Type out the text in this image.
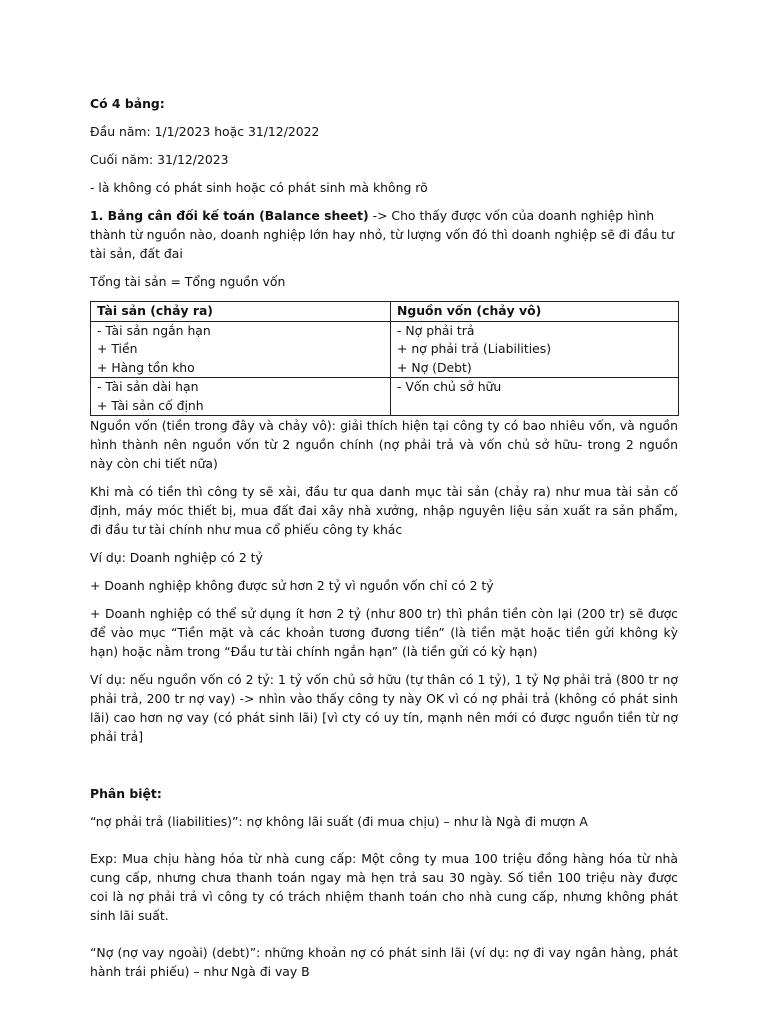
Có 4 bảng:

Đầu năm: 1/1/2023 hoặc 31/12/2022

Cuối năm: 31/12/2023

- là không có phát sinh hoặc có phát sinh mà không rõ

1. Bảng cân đối kế toán (Balance sheet) -> Cho thấy được vốn của doanh nghiệp hình thành từ nguồn nào, doanh nghiệp lớn hay nhỏ, từ lượng vốn đó thì doanh nghiệp sẽ đi đầu tư tài sản, đất đai

Tổng tài sản = Tổng nguồn vốn

Tài sản (chảy ra)	Nguồn vốn (chảy vô)

- Tài sản ngắn hạn
+ Tiền
+ Hàng tồn kho	- Nợ phải trả
+ nợ phải trả (Liabilities)
+ Nợ (Debt)

- Tài sản dài hạn
+ Tài sản cố định	- Vốn chủ sở hữu

Nguồn vốn (tiền trong đây và chảy vô): giải thích hiện tại công ty có bao nhiêu vốn, và nguồn hình thành nên nguồn vốn từ 2 nguồn chính (nợ phải trả và vốn chủ sở hữu- trong 2 nguồn này còn chi tiết nữa)

Khi mà có tiền thì công ty sẽ xài, đầu tư qua danh mục tài sản (chảy ra) như mua tài sản cố định, máy móc thiết bị, mua đất đai xây nhà xưởng, nhập nguyên liệu sản xuất ra sản phẩm, đi đầu tư tài chính như mua cổ phiếu công ty khác

Ví dụ: Doanh nghiệp có 2 tỷ

+ Doanh nghiệp không được sử hơn 2 tỷ vì nguồn vốn chỉ có 2 tỷ

+ Doanh nghiệp có thể sử dụng ít hơn 2 tỷ (như 800 tr) thì phần tiền còn lại (200 tr) sẽ được để vào mục “Tiền mặt và các khoản tương đương tiền” (là tiền mặt hoặc tiền gửi không kỳ hạn) hoặc nằm trong “Đầu tư tài chính ngắn hạn” (là tiền gửi có kỳ hạn)

Ví dụ: nếu nguồn vốn có 2 tỷ: 1 tỷ vốn chủ sở hữu (tự thân có 1 tỷ), 1 tỷ Nợ phải trả (800 tr nợ phải trả, 200 tr nợ vay) -> nhìn vào thấy công ty này OK vì có nợ phải trả (không có phát sinh lãi) cao hơn nợ vay (có phát sinh lãi) [vì cty có uy tín, mạnh nên mới có được nguồn tiền từ nợ phải trả]

Phân biệt:

“nợ phải trả (liabilities)”: nợ không lãi suất (đi mua chịu) – như là Ngà đi mượn A

Exp: Mua chịu hàng hóa từ nhà cung cấp: Một công ty mua 100 triệu đồng hàng hóa từ nhà cung cấp, nhưng chưa thanh toán ngay mà hẹn trả sau 30 ngày. Số tiền 100 triệu này được coi là nợ phải trả vì công ty có trách nhiệm thanh toán cho nhà cung cấp, nhưng không phát sinh lãi suất.

“Nợ (nợ vay ngoài) (debt)”: những khoản nợ có phát sinh lãi (ví dụ: nợ đi vay ngân hàng, phát hành trái phiếu) – như Ngà đi vay B
